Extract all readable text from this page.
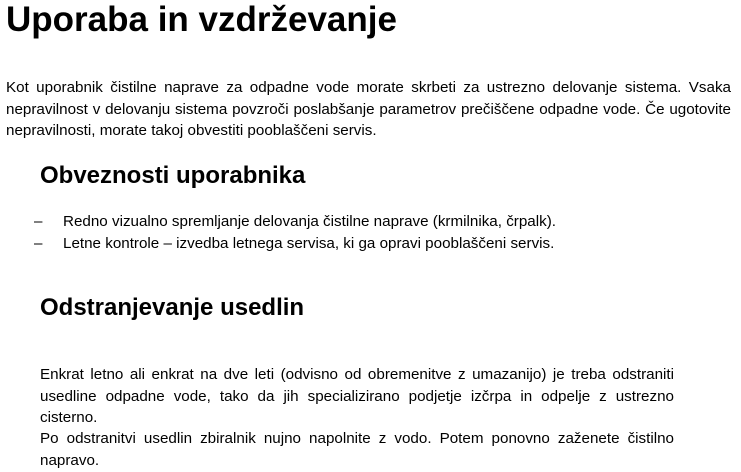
Uporaba in vzdrževanje

Kot uporabnik čistilne naprave za odpadne vode morate skrbeti za ustrezno delovanje sistema. Vsaka nepravilnost v delovanju sistema povzroči poslabšanje parametrov prečiščene odpadne vode. Če ugotovite nepravilnosti, morate takoj obvestiti pooblaščeni servis.

Obveznosti uporabnika
– Redno vizualno spremljanje delovanja čistilne naprave (krmilnika, črpalk).
– Letne kontrole – izvedba letnega servisa, ki ga opravi pooblaščeni servis.
Odstranjevanje usedlin

Enkrat letno ali enkrat na dve leti (odvisno od obremenitve z umazanijo) je treba odstraniti usedline odpadne vode, tako da jih specializirano podjetje izčrpa in odpelje z ustrezno cisterno.

Po odstranitvi usedlin zbiralnik nujno napolnite z vodo. Potem ponovno zaženete čistilno napravo.
